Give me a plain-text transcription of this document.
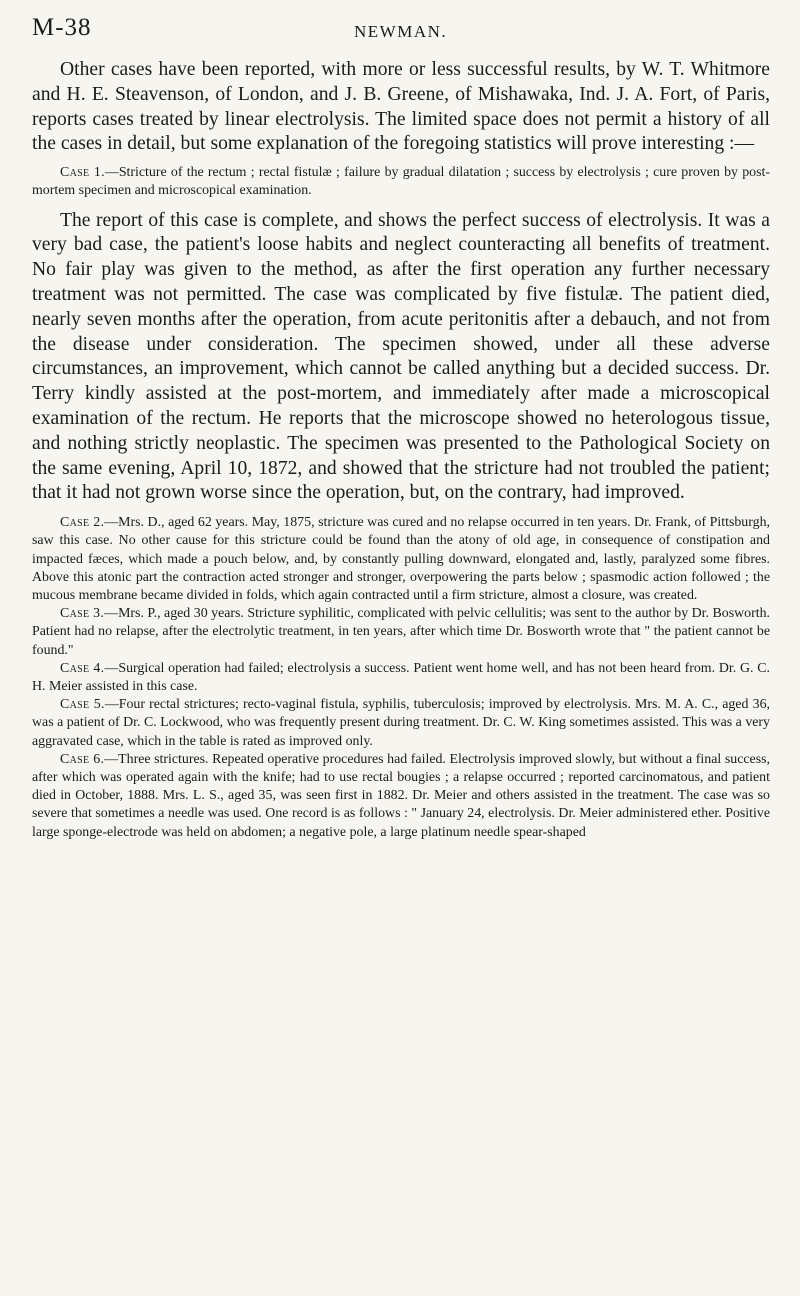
M-38	NEWMAN.

Other cases have been reported, with more or less successful results, by W. T. Whitmore and H. E. Steavenson, of London, and J. B. Greene, of Mishawaka, Ind. J. A. Fort, of Paris, reports cases treated by linear electrolysis. The limited space does not permit a history of all the cases in detail, but some explanation of the foregoing statistics will prove interesting :—

Case 1.—Stricture of the rectum ; rectal fistulæ ; failure by gradual dilatation ; success by electrolysis ; cure proven by post-mortem specimen and microscopical examination.

The report of this case is complete, and shows the perfect success of electrolysis. It was a very bad case, the patient's loose habits and neglect counteracting all benefits of treatment. No fair play was given to the method, as after the first operation any further necessary treatment was not permitted. The case was complicated by five fistulæ. The patient died, nearly seven months after the operation, from acute peritonitis after a debauch, and not from the disease under consideration. The specimen showed, under all these adverse circumstances, an improvement, which cannot be called anything but a decided success. Dr. Terry kindly assisted at the post-mortem, and immediately after made a microscopical examination of the rectum. He reports that the microscope showed no heterologous tissue, and nothing strictly neoplastic. The specimen was presented to the Pathological Society on the same evening, April 10, 1872, and showed that the stricture had not troubled the patient; that it had not grown worse since the operation, but, on the contrary, had improved.

Case 2.—Mrs. D., aged 62 years. May, 1875, stricture was cured and no relapse occurred in ten years. Dr. Frank, of Pittsburgh, saw this case. No other cause for this stricture could be found than the atony of old age, in consequence of constipation and impacted fæces, which made a pouch below, and, by constantly pulling downward, elongated and, lastly, paralyzed some fibres. Above this atonic part the contraction acted stronger and stronger, overpowering the parts below ; spasmodic action followed ; the mucous membrane became divided in folds, which again contracted until a firm stricture, almost a closure, was created.

Case 3.—Mrs. P., aged 30 years. Stricture syphilitic, complicated with pelvic cellulitis; was sent to the author by Dr. Bosworth. Patient had no relapse, after the electrolytic treatment, in ten years, after which time Dr. Bosworth wrote that " the patient cannot be found."

Case 4.—Surgical operation had failed; electrolysis a success. Patient went home well, and has not been heard from. Dr. G. C. H. Meier assisted in this case.

Case 5.—Four rectal strictures; recto-vaginal fistula, syphilis, tuberculosis; improved by electrolysis. Mrs. M. A. C., aged 36, was a patient of Dr. C. Lockwood, who was frequently present during treatment. Dr. C. W. King sometimes assisted. This was a very aggravated case, which in the table is rated as improved only.

Case 6.—Three strictures. Repeated operative procedures had failed. Electrolysis improved slowly, but without a final success, after which was operated again with the knife; had to use rectal bougies ; a relapse occurred ; reported carcinomatous, and patient died in October, 1888. Mrs. L. S., aged 35, was seen first in 1882. Dr. Meier and others assisted in the treatment. The case was so severe that sometimes a needle was used. One record is as follows : " January 24, electrolysis. Dr. Meier administered ether. Positive large sponge-electrode was held on abdomen; a negative pole, a large platinum needle spear-shaped
